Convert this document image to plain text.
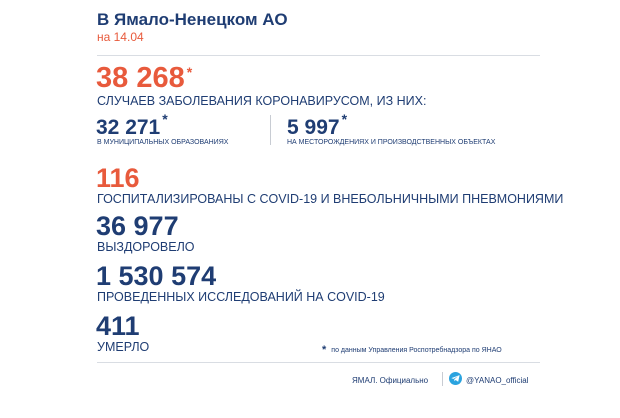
В Ямало-Ненецком АО
на 14.04
38 268 *
СЛУЧАЕВ ЗАБОЛЕВАНИЯ КОРОНАВИРУСОМ, ИЗ НИХ:
32 271 *
В МУНИЦИПАЛЬНЫХ ОБРАЗОВАНИЯХ
5 997 *
НА МЕСТОРОЖДЕНИЯХ И ПРОИЗВОДСТВЕННЫХ ОБЪЕКТАХ
116
ГОСПИТАЛИЗИРОВАНЫ С COVID-19 И ВНЕБОЛЬНИЧНЫМИ ПНЕВМОНИЯМИ
36 977
ВЫЗДОРОВЕЛО
1 530 574
ПРОВЕДЕННЫХ ИССЛЕДОВАНИЙ НА COVID-19
411
УМЕРЛО	* по данным Управления Роспотребнадзора по ЯНАО
ЯМАЛ. Официально	@YANAO_official
